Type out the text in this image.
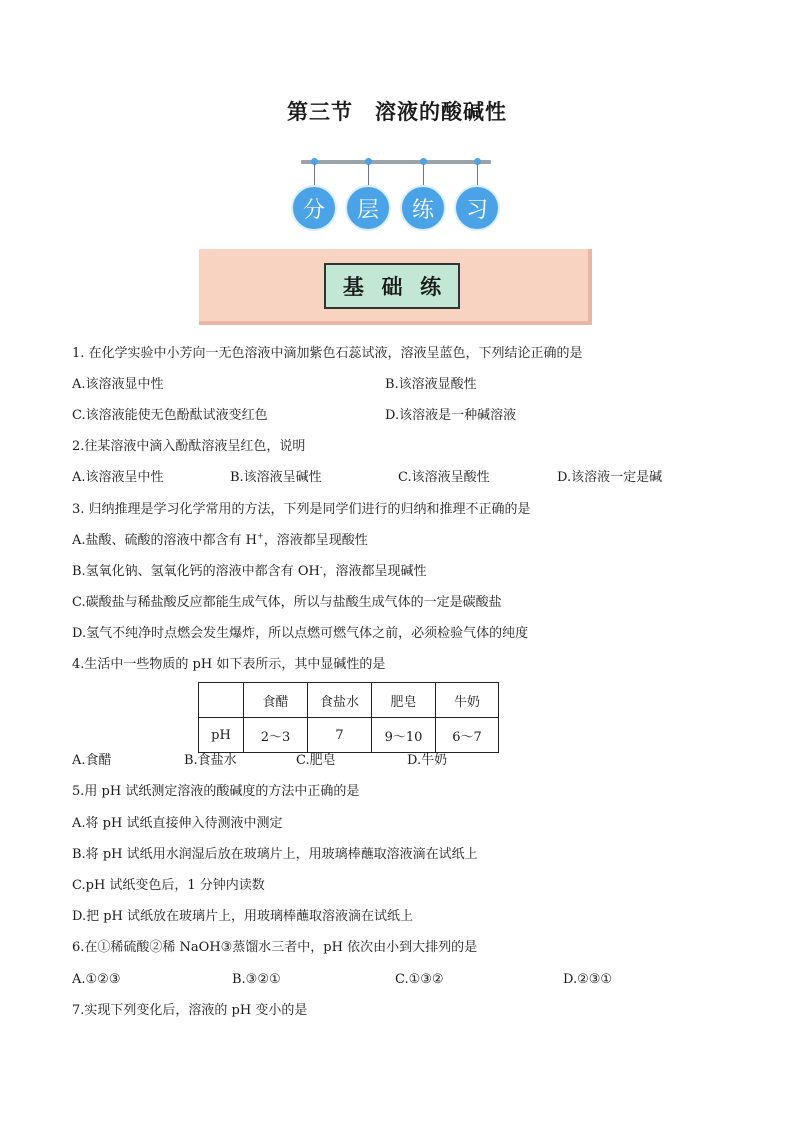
第三节 溶液的酸碱性
分	层	练	习
基 础 练
1. 在化学实验中小芳向一无色溶液中滴加紫色石蕊试液，溶液呈蓝色，下列结论正确的是
A.该溶液显中性	B.该溶液显酸性
C.该溶液能使无色酚酞试液变红色	D.该溶液是一种碱溶液
2.往某溶液中滴入酚酞溶液呈红色，说明
A.该溶液呈中性	B.该溶液呈碱性	C.该溶液呈酸性	D.该溶液一定是碱
3. 归纳推理是学习化学常用的方法，下列是同学们进行的归纳和推理不正确的是
A.盐酸、硫酸的溶液中都含有 H+，溶液都呈现酸性
B.氢氧化钠、氢氧化钙的溶液中都含有 OH-，溶液都呈现碱性
C.碳酸盐与稀盐酸反应都能生成气体，所以与盐酸生成气体的一定是碳酸盐
D.氢气不纯净时点燃会发生爆炸，所以点燃可燃气体之前，必须检验气体的纯度
4.生活中一些物质的 pH 如下表所示，其中显碱性的是
	食醋	食盐水	肥皂	牛奶
pH	2～3	7	9～10	6～7
A.食醋	B.食盐水	C.肥皂	D.牛奶
5.用 pH 试纸测定溶液的酸碱度的方法中正确的是
A.将 pH 试纸直接伸入待测液中测定
B.将 pH 试纸用水润湿后放在玻璃片上，用玻璃棒蘸取溶液滴在试纸上
C.pH 试纸变色后，1 分钟内读数
D.把 pH 试纸放在玻璃片上，用玻璃棒蘸取溶液滴在试纸上
6.在①稀硫酸②稀 NaOH③蒸馏水三者中，pH 依次由小到大排列的是
A.①②③	B.③②①	C.①③②	D.②③①
7.实现下列变化后，溶液的 pH 变小的是
